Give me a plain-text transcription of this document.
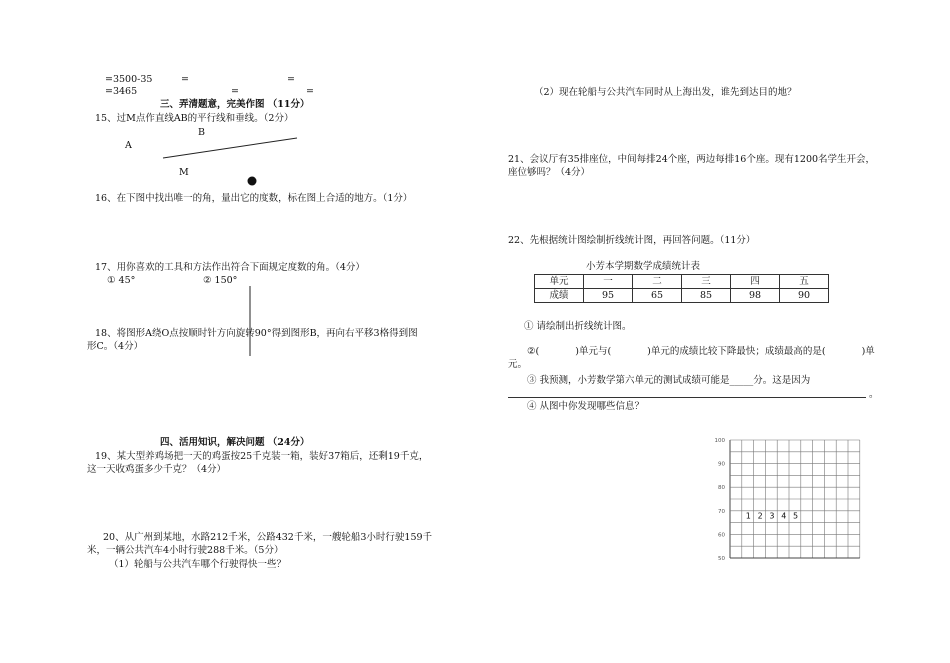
=3500-35	=	=
=3465	=	=
三、弄清题意，完美作图 （11分）
15、过M点作直线AB的平行线和垂线。（2分）
B
A
M
16、在下图中找出唯一的角，量出它的度数，标在图上合适的地方。（1分）
17、用你喜欢的工具和方法作出符合下面规定度数的角。（4分）
① 45°	② 150°
18、将图形A绕O点按顺时针方向旋转90°得到图形B，再向右平移3格得到图
形C。（4分）
四、活用知识，解决问题 （24分）
19、某大型养鸡场把一天的鸡蛋按25千克装一箱，装好37箱后，还剩19千克，
这一天收鸡蛋多少千克？（4分）
20、从广州到某地，水路212千米，公路432千米，一艘轮船3小时行驶159千
米，一辆公共汽车4小时行驶288千米。（5分）
（1）轮船与公共汽车哪个行驶得快一些？
（2）现在轮船与公共汽车同时从上海出发，谁先到达目的地？
21、会议厅有35排座位，中间每排24个座，两边每排16个座。现有1200名学生开会，
座位够吗？（4分）
22、先根据统计图绘制折线统计图，再回答问题。（11分）
小芳本学期数学成绩统计表
单元	一	二	三	四	五
成绩	95	65	85	98	90
① 请绘制出折线统计图。
②(	)单元与(	)单元的成绩比较下降最快；成绩最高的是(	)单
元。
③ 我预测，小芳数学第六单元的测试成绩可能是_____分。这是因为
。
④ 从图中你发现哪些信息？
100
90
80
70
60
50
1 2 3 4 5
